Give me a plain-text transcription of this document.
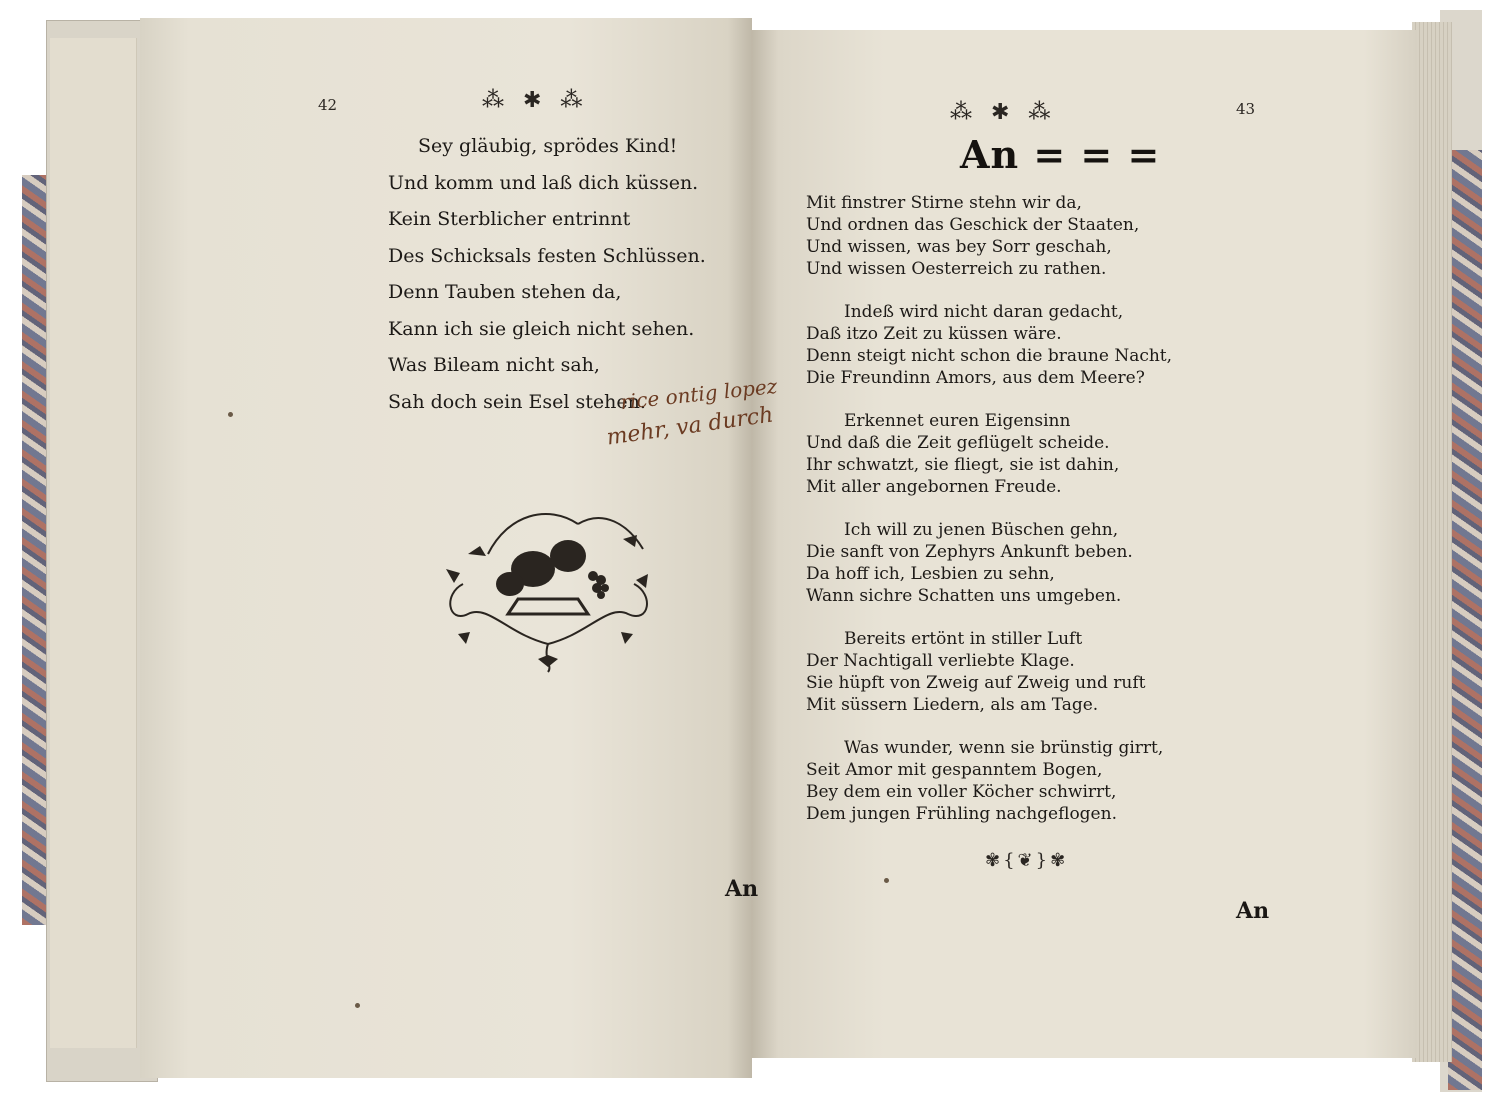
42	⁂ ✱ ⁂
Sey gläubig, sprödes Kind!
Und komm und laß dich küssen.
Kein Sterblicher entrinnt
Des Schicksals festen Schlüssen.
Denn Tauben stehen da,
Kann ich sie gleich nicht sehen.
Was Bileam nicht sah,
Sah doch sein Esel stehen.
rice ontig lopez
mehr, va durch
An
⁂ ✱ ⁂	43
An = = =
Mit finstrer Stirne stehn wir da,
Und ordnen das Geschick der Staaten,
Und wissen, was bey Sorr geschah,
Und wissen Oesterreich zu rathen.
Indeß wird nicht daran gedacht,
Daß itzo Zeit zu küssen wäre.
Denn steigt nicht schon die braune Nacht,
Die Freundinn Amors, aus dem Meere?
Erkennet euren Eigensinn
Und daß die Zeit geflügelt scheide.
Ihr schwatzt, sie fliegt, sie ist dahin,
Mit aller angebornen Freude.
Ich will zu jenen Büschen gehn,
Die sanft von Zephyrs Ankunft beben.
Da hoff ich, Lesbien zu sehn,
Wann sichre Schatten uns umgeben.
Bereits ertönt in stiller Luft
Der Nachtigall verliebte Klage.
Sie hüpft von Zweig auf Zweig und ruft
Mit süssern Liedern, als am Tage.
Was wunder, wenn sie brünstig girrt,
Seit Amor mit gespanntem Bogen,
Bey dem ein voller Köcher schwirrt,
Dem jungen Frühling nachgeflogen.
✾{❦}✾
An
